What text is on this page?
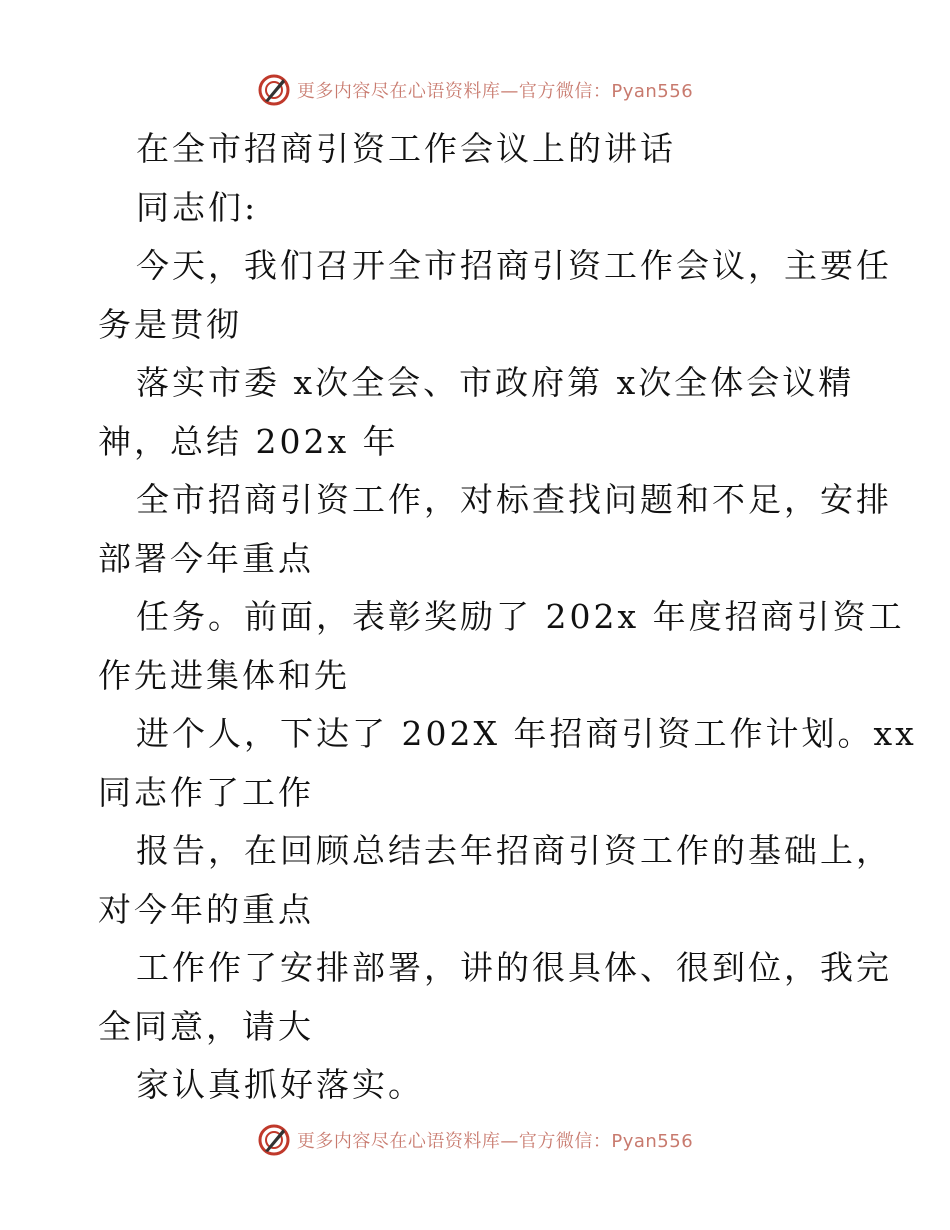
更多内容尽在心语资料库—官方微信：Pyan556
在全市招商引资工作会议上的讲话
同志们:
今天，我们召开全市招商引资工作会议，主要任
务是贯彻
落实市委 x次全会、市政府第 x次全体会议精
神，总结 202x 年
全市招商引资工作，对标查找问题和不足，安排
部署今年重点
任务。前面，表彰奖励了 202x 年度招商引资工
作先进集体和先
进个人，下达了 202X 年招商引资工作计划。xx
同志作了工作
报告，在回顾总结去年招商引资工作的基础上，
对今年的重点
工作作了安排部署，讲的很具体、很到位，我完
全同意，请大
家认真抓好落实。
更多内容尽在心语资料库—官方微信：Pyan556
